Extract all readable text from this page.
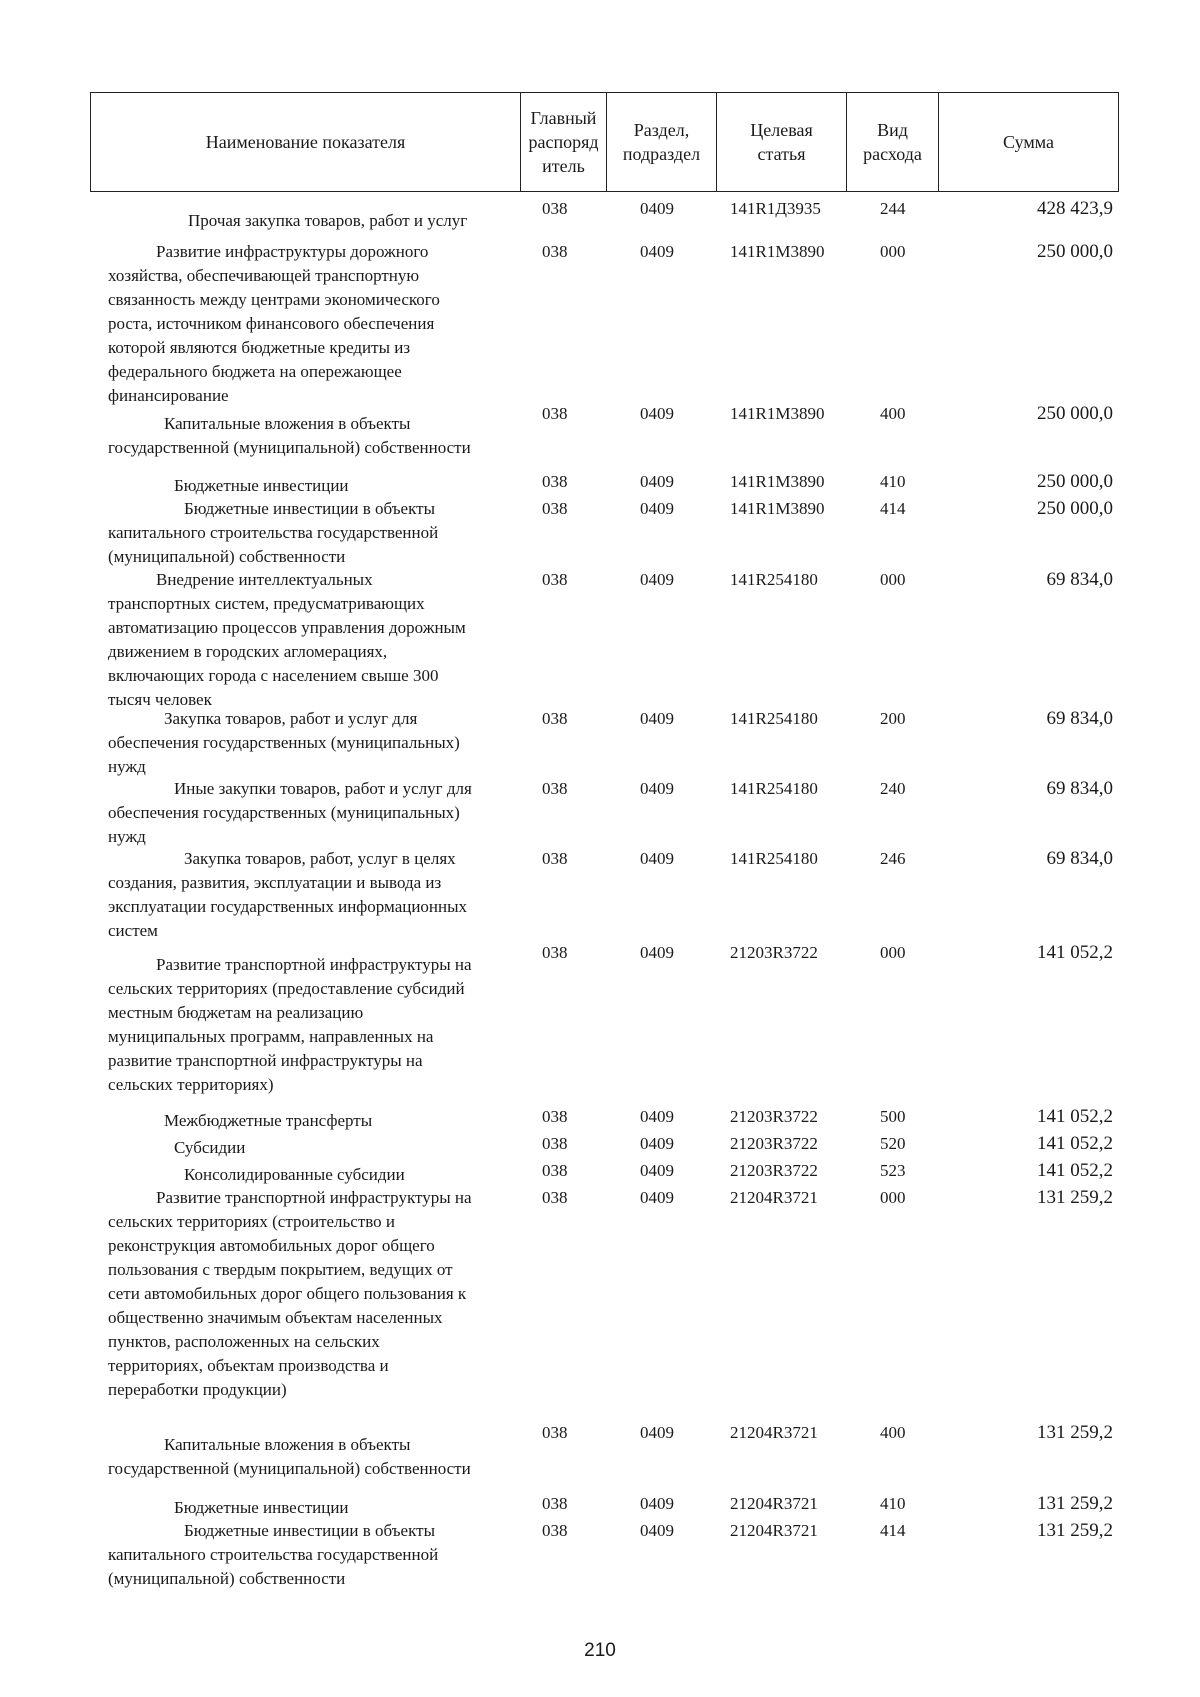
Наименование показателя	Главный
распоряд
итель	Раздел,
подраздел	Целевая
статья	Вид
расхода	Сумма
Прочая закупка товаров, работ и услуг
038	0409	141R1Д3935	244	428 423,9
Развитие инфраструктуры дорожного
хозяйства, обеспечивающей транспортную
связанность между центрами экономического
роста, источником финансового обеспечения
которой являются бюджетные кредиты из
федерального бюджета на опережающее
финансирование
038	0409	141R1M3890	000	250 000,0
Капитальные вложения в объекты
государственной (муниципальной) собственности
038	0409	141R1M3890	400	250 000,0
Бюджетные инвестиции	038	0409	141R1M3890	410	250 000,0
Бюджетные инвестиции в объекты
капитального строительства государственной
(муниципальной) собственности
038	0409	141R1M3890	414	250 000,0
Внедрение интеллектуальных
транспортных систем, предусматривающих
автоматизацию процессов управления дорожным
движением в городских агломерациях,
включающих города с населением свыше 300
тысяч человек
038	0409	141R254180	000	69 834,0
Закупка товаров, работ и услуг для
обеспечения государственных (муниципальных)
нужд
038	0409	141R254180	200	69 834,0
Иные закупки товаров, работ и услуг для
обеспечения государственных (муниципальных)
нужд
038	0409	141R254180	240	69 834,0
Закупка товаров, работ, услуг в целях
создания, развития, эксплуатации и вывода из
эксплуатации государственных информационных
систем
038	0409	141R254180	246	69 834,0
Развитие транспортной инфраструктуры на
сельских территориях (предоставление субсидий
местным бюджетам на реализацию
муниципальных программ, направленных на
развитие транспортной инфраструктуры на
сельских территориях)
038	0409	21203R3722	000	141 052,2
Межбюджетные трансферты	038	0409	21203R3722	500	141 052,2
Субсидии	038	0409	21203R3722	520	141 052,2
Консолидированные субсидии	038	0409	21203R3722	523	141 052,2
Развитие транспортной инфраструктуры на
сельских территориях (строительство и
реконструкция автомобильных дорог общего
пользования с твердым покрытием, ведущих от
сети автомобильных дорог общего пользования к
общественно значимым объектам населенных
пунктов, расположенных на сельских
территориях, объектам производства и
переработки продукции)
038	0409	21204R3721	000	131 259,2
Капитальные вложения в объекты
государственной (муниципальной) собственности
038	0409	21204R3721	400	131 259,2
Бюджетные инвестиции	038	0409	21204R3721	410	131 259,2
Бюджетные инвестиции в объекты
капитального строительства государственной
(муниципальной) собственности
038	0409	21204R3721	414	131 259,2
210
